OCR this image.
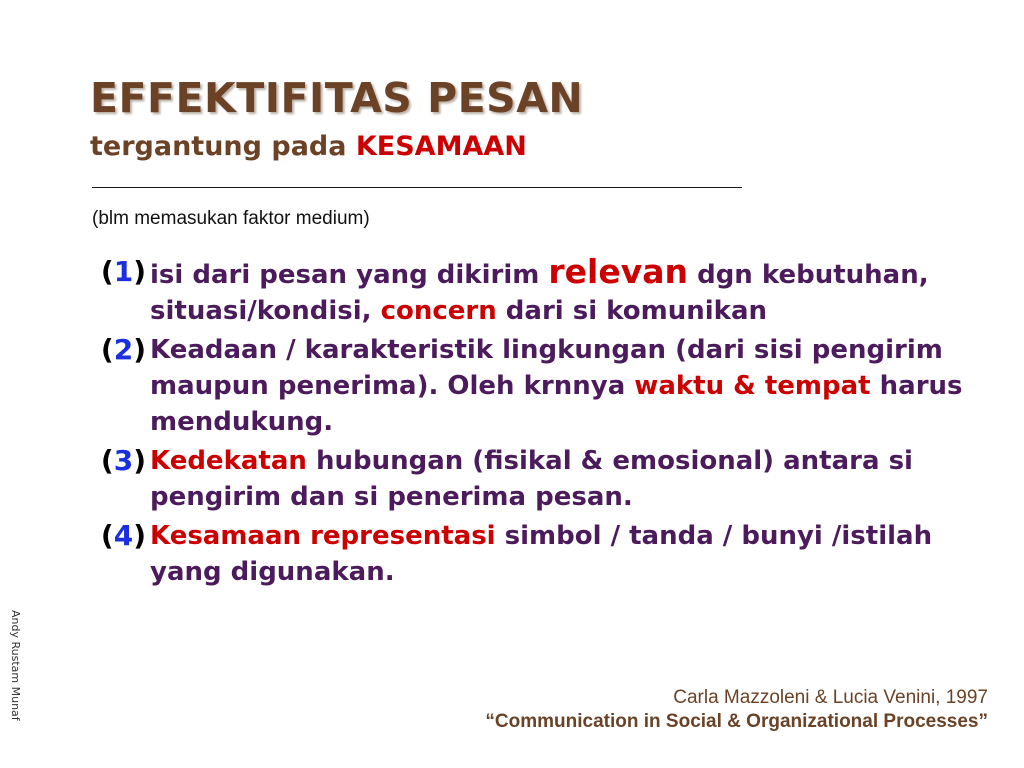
EFFEKTIFITAS PESAN

tergantung pada KESAMAAN

(blm memasukan faktor medium)

(1) isi dari pesan yang dikirim relevan dgn kebutuhan, situasi/kondisi, concern dari si komunikan
(2) Keadaan / karakteristik lingkungan (dari sisi pengirim maupun penerima). Oleh krnnya waktu & tempat harus mendukung.
(3) Kedekatan hubungan (fisikal & emosional) antara si pengirim dan si penerima pesan.
(4) Kesamaan representasi simbol / tanda / bunyi /istilah yang digunakan.

Carla Mazzoleni & Lucia Venini, 1997

“Communication in Social & Organizational Processes”

Andy Rustam Munaf
